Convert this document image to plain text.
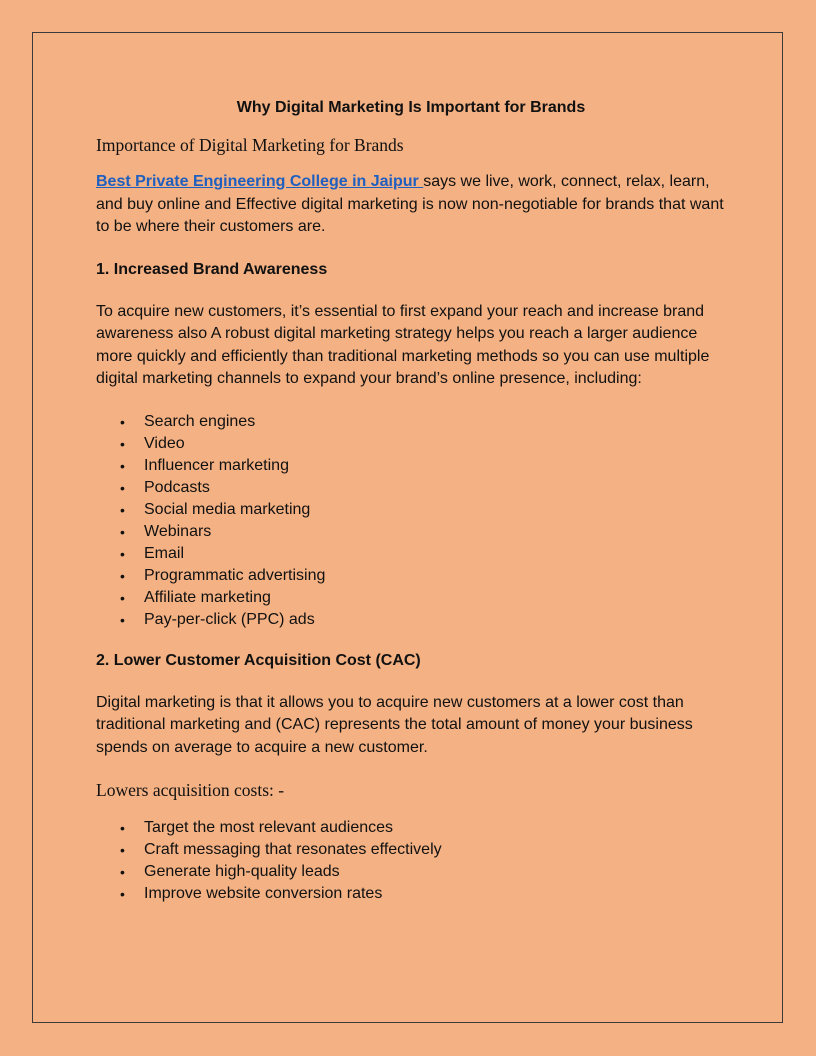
Why Digital Marketing Is Important for Brands
Importance of Digital Marketing for Brands

Best Private Engineering College in Jaipur says we live, work, connect, relax, learn, and buy online and Effective digital marketing is now non-negotiable for brands that want to be where their customers are.

1. Increased Brand Awareness

To acquire new customers, it’s essential to first expand your reach and increase brand awareness also A robust digital marketing strategy helps you reach a larger audience more quickly and efficiently than traditional marketing methods so you can use multiple digital marketing channels to expand your brand’s online presence, including:

• Search engines
• Video
• Influencer marketing
• Podcasts
• Social media marketing
• Webinars
• Email
• Programmatic advertising
• Affiliate marketing
• Pay-per-click (PPC) ads
2. Lower Customer Acquisition Cost (CAC)

Digital marketing is that it allows you to acquire new customers at a lower cost than traditional marketing and (CAC) represents the total amount of money your business spends on average to acquire a new customer.

Lowers acquisition costs: -
• Target the most relevant audiences
• Craft messaging that resonates effectively
• Generate high-quality leads
• Improve website conversion rates
